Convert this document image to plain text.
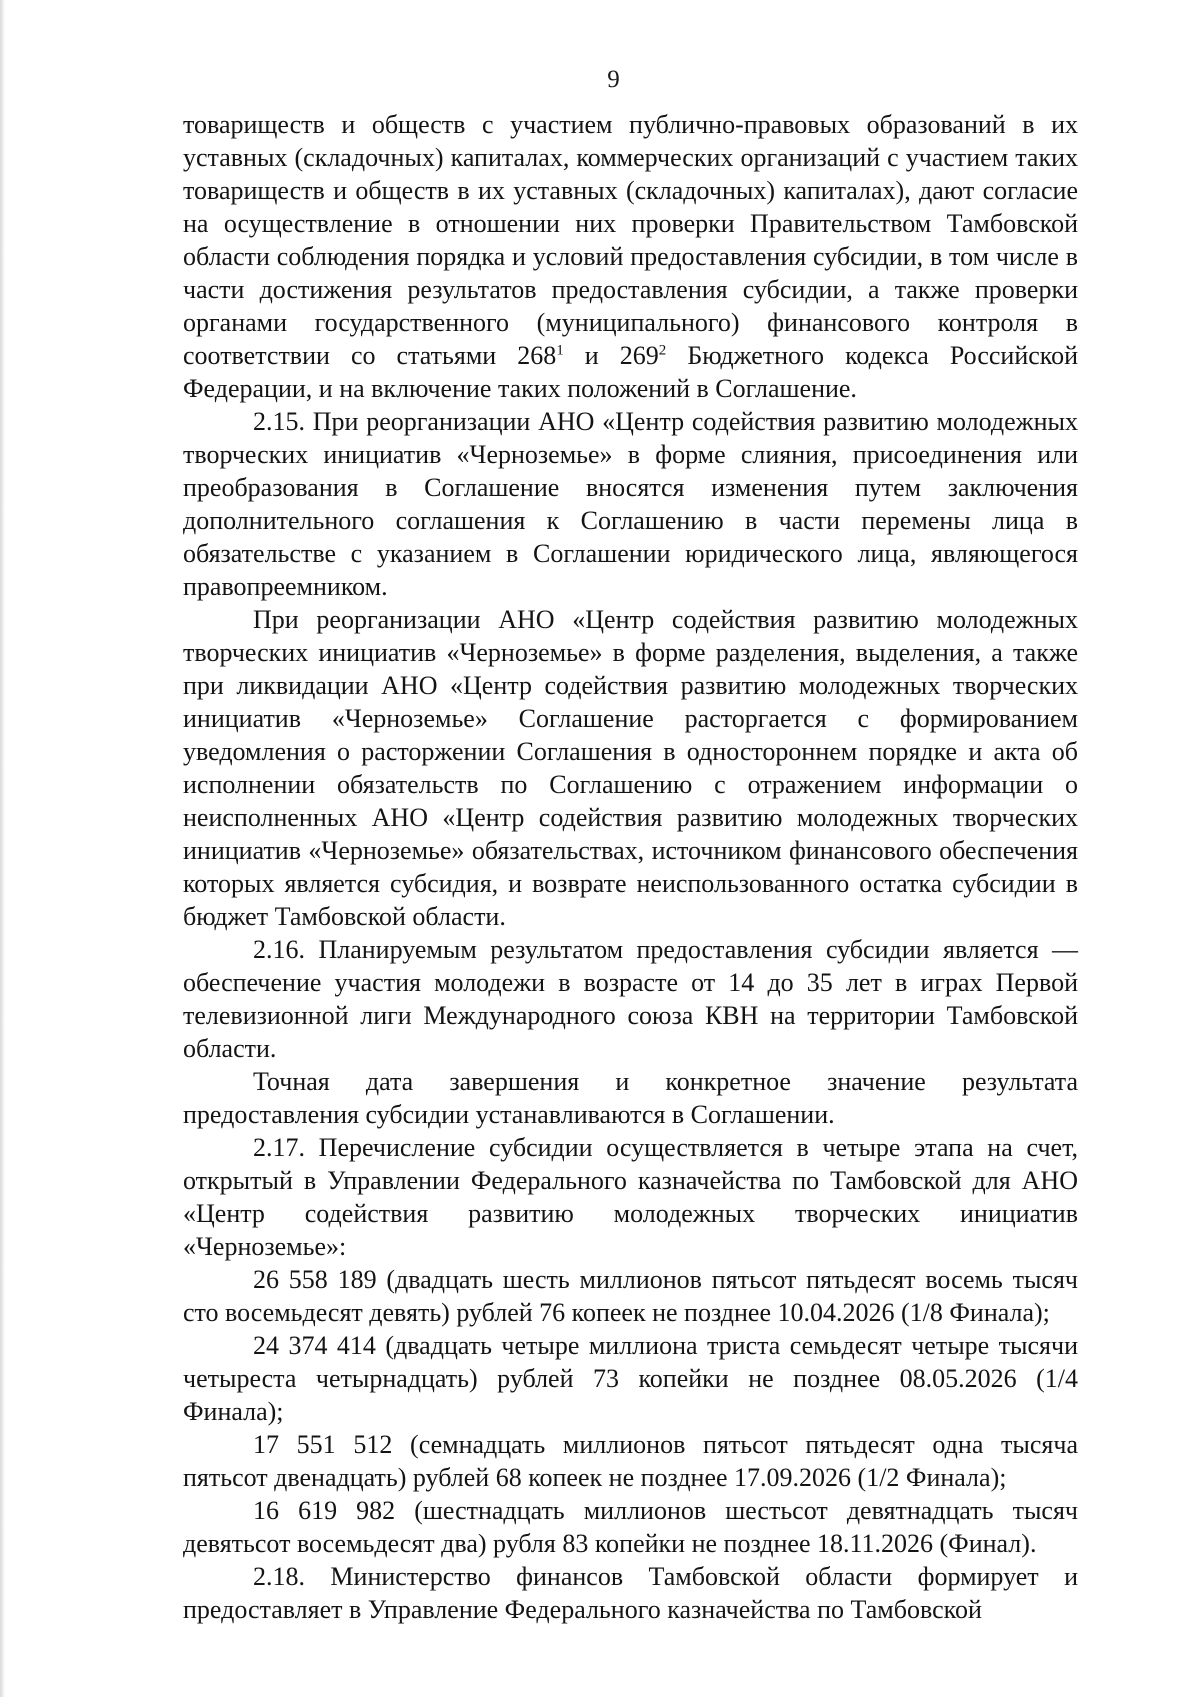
9

товариществ и обществ с участием публично-правовых образований в их уставных (складочных) капиталах, коммерческих организаций с участием таких товариществ и обществ в их уставных (складочных) капиталах), дают согласие на осуществление в отношении них проверки Правительством Тамбовской области соблюдения порядка и условий предоставления субсидии, в том числе в части достижения результатов предоставления субсидии, а также проверки органами государственного (муниципального) финансового контроля в соответствии со статьями $268^1$ и $269^2$ Бюджетного кодекса Российской Федерации, и на включение таких положений в Соглашение.

2.15. При реорганизации АНО «Центр содействия развитию молодежных творческих инициатив «Черноземье» в форме слияния, присоединения или преобразования в Соглашение вносятся изменения путем заключения дополнительного соглашения к Соглашению в части перемены лица в обязательстве с указанием в Соглашении юридического лица, являющегося правопреемником.

При реорганизации АНО «Центр содействия развитию молодежных творческих инициатив «Черноземье» в форме разделения, выделения, а также при ликвидации АНО «Центр содействия развитию молодежных творческих инициатив «Черноземье» Соглашение расторгается с формированием уведомления о расторжении Соглашения в одностороннем порядке и акта об исполнении обязательств по Соглашению с отражением информации о неисполненных АНО «Центр содействия развитию молодежных творческих инициатив «Черноземье» обязательствах, источником финансового обеспечения которых является субсидия, и возврате неиспользованного остатка субсидии в бюджет Тамбовской области.

2.16. Планируемым результатом предоставления субсидии является — обеспечение участия молодежи в возрасте от 14 до 35 лет в играх Первой телевизионной лиги Международного союза КВН на территории Тамбовской области.

Точная дата завершения и конкретное значение результата предоставления субсидии устанавливаются в Соглашении.

2.17. Перечисление субсидии осуществляется в четыре этапа на счет, открытый в Управлении Федерального казначейства по Тамбовской для АНО «Центр содействия развитию молодежных творческих инициатив «Черноземье»:

26 558 189 (двадцать шесть миллионов пятьсот пятьдесят восемь тысяч сто восемьдесят девять) рублей 76 копеек не позднее 10.04.2026 (1/8 Финала);

24 374 414 (двадцать четыре миллиона триста семьдесят четыре тысячи четыреста четырнадцать) рублей 73 копейки не позднее 08.05.2026 (1/4 Финала);

17 551 512 (семнадцать миллионов пятьсот пятьдесят одна тысяча пятьсот двенадцать) рублей 68 копеек не позднее 17.09.2026 (1/2 Финала);

16 619 982 (шестнадцать миллионов шестьсот девятнадцать тысяч девятьсот восемьдесят два) рубля 83 копейки не позднее 18.11.2026 (Финал).

2.18. Министерство финансов Тамбовской области формирует и предоставляет в Управление Федерального казначейства по Тамбовской
